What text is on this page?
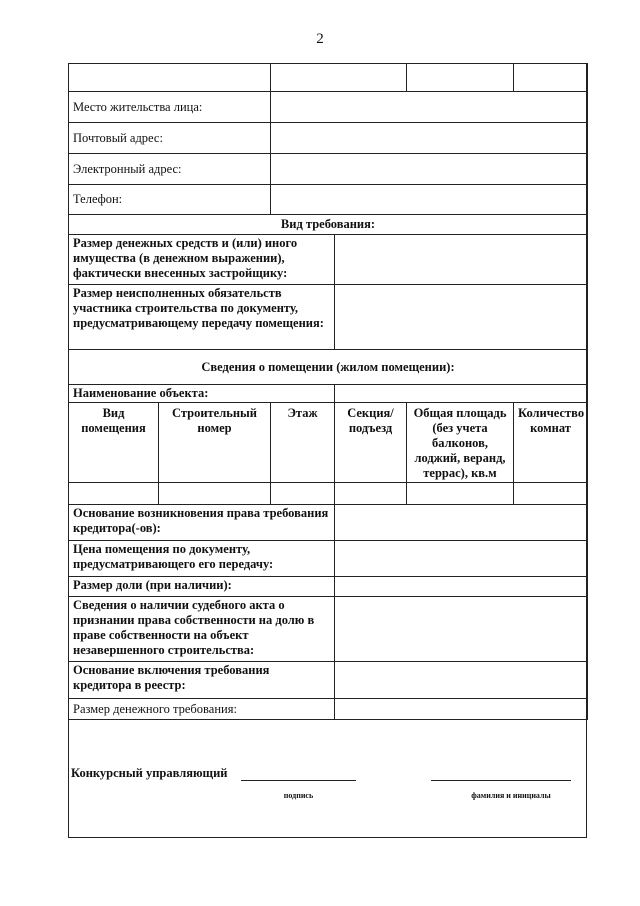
2

Место жительства лица:					
Почтовый адрес:					
Электронный адрес:					
Телефон:					
Вид требования:					
Размер денежных средств и (или) иного имущества (в денежном выражении), фактически внесенных застройщику:					
Размер неисполненных обязательств участника строительства по документу, предусматривающему передачу помещения:					
Сведения о помещении (жилом помещении):					
Наименование объекта:					
Вид помещения	Строительный номер	Этаж	Секция/ подъезд	Общая площадь (без учета балконов, лоджий, веранд, террас), кв.м	Количество комнат

Основание возникновения права требования кредитора(-ов):					
Цена помещения по документу, предусматривающего его передачу:					
Размер доли (при наличии):					
Сведения о наличии судебного акта о признании права собственности на долю в праве собственности на объект незавершенного строительства:					
Основание включения требования кредитора в реестр:					
Размер денежного требования:					
Конкурсный управляющий
подпись	фамилия и инициалы
